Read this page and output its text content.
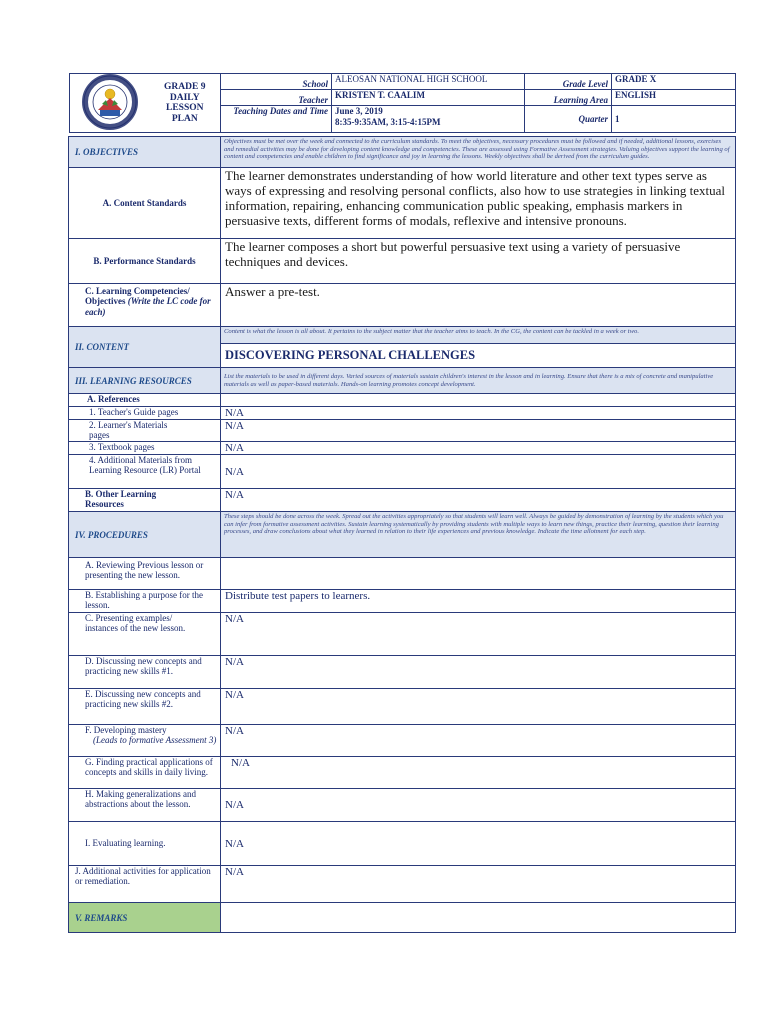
GRADE 9
DAILY
LESSON
PLAN	School	ALEOSAN NATIONAL HIGH SCHOOL	Grade Level	GRADE X
		Teacher	KRISTEN T. CAALIM	Learning Area	ENGLISH
		Teaching Dates and Time	June 3, 2019
8:35-9:35AM, 3:15-4:15PM	Quarter	1
I. OBJECTIVES	Objectives must be met over the week and connected to the curriculum standards. To meet the objectives, necessary procedures must be followed and if needed, additional lessons, exercises and remedial activities may be done for developing content knowledge and competencies. These are assessed using Formative Assessment strategies. Valuing objectives support the learning of content and competencies and enable children to find significance and joy in learning the lessons. Weekly objectives shall be derived from the curriculum guides.
A. Content Standards	The learner demonstrates understanding of how world literature and other text types serve as ways of expressing and resolving personal conflicts, also how to use strategies in linking textual information, repairing, enhancing communication public speaking, emphasis markers in persuasive texts, different forms of modals, reflexive and intensive pronouns.
B. Performance Standards	The learner composes a short but powerful persuasive text using a variety of persuasive techniques and devices.
C. Learning Competencies/ Objectives (Write the LC code for each)	Answer a pre-test.
II. CONTENT	Content is what the lesson is all about. It pertains to the subject matter that the teacher aims to teach. In the CG, the content can be tackled in a week or two.
	DISCOVERING PERSONAL CHALLENGES
III. LEARNING RESOURCES	List the materials to be used in different days. Varied sources of materials sustain children's interest in the lesson and in learning. Ensure that there is a mix of concrete and manipulative materials as well as paper-based materials. Hands-on learning promotes concept development.
A. References	
1. Teacher's Guide pages	N/A
2. Learner's Materials pages	N/A
3. Textbook pages	N/A
4. Additional Materials from Learning Resource (LR) Portal	N/A
B. Other Learning Resources	N/A
IV. PROCEDURES	These steps should be done across the week. Spread out the activities appropriately so that students will learn well. Always be guided by demonstration of learning by the students which you can infer from formative assessment activities. Sustain learning systematically by providing students with multiple ways to learn new things, practice their learning, question their learning processes, and draw conclusions about what they learned in relation to their life experiences and previous knowledge. Indicate the time allotment for each step.
A. Reviewing Previous lesson or presenting the new lesson.	
B. Establishing a purpose for the lesson.	Distribute test papers to learners.
C. Presenting examples/ instances of the new lesson.	N/A
D. Discussing new concepts and practicing new skills #1.	N/A
E. Discussing new concepts and practicing new skills #2.	N/A
F. Developing mastery
(Leads to formative Assessment 3)	N/A
G. Finding practical applications of concepts and skills in daily living.	N/A
H. Making generalizations and abstractions about the lesson.	N/A
I. Evaluating learning.	N/A
J. Additional activities for application or remediation.	N/A
V. REMARKS	
